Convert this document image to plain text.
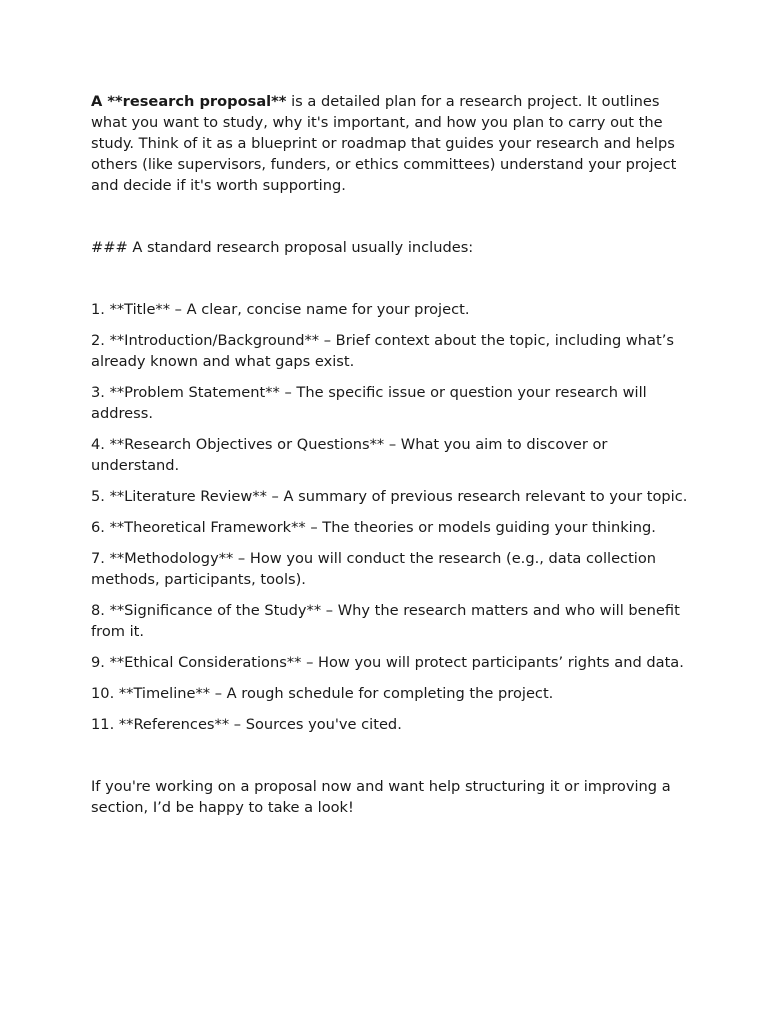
A **research proposal** is a detailed plan for a research project. It outlines what you want to study, why it's important, and how you plan to carry out the study. Think of it as a blueprint or roadmap that guides your research and helps others (like supervisors, funders, or ethics committees) understand your project and decide if it's worth supporting.

### A standard research proposal usually includes:

1. **Title** – A clear, concise name for your project.
2. **Introduction/Background** – Brief context about the topic, including what’s already known and what gaps exist.
3. **Problem Statement** – The specific issue or question your research will address.
4. **Research Objectives or Questions** – What you aim to discover or understand.
5. **Literature Review** – A summary of previous research relevant to your topic.
6. **Theoretical Framework** – The theories or models guiding your thinking.
7. **Methodology** – How you will conduct the research (e.g., data collection methods, participants, tools).
8. **Significance of the Study** – Why the research matters and who will benefit from it.
9. **Ethical Considerations** – How you will protect participants’ rights and data.
10. **Timeline** – A rough schedule for completing the project.
11. **References** – Sources you've cited.

If you're working on a proposal now and want help structuring it or improving a section, I’d be happy to take a look!
